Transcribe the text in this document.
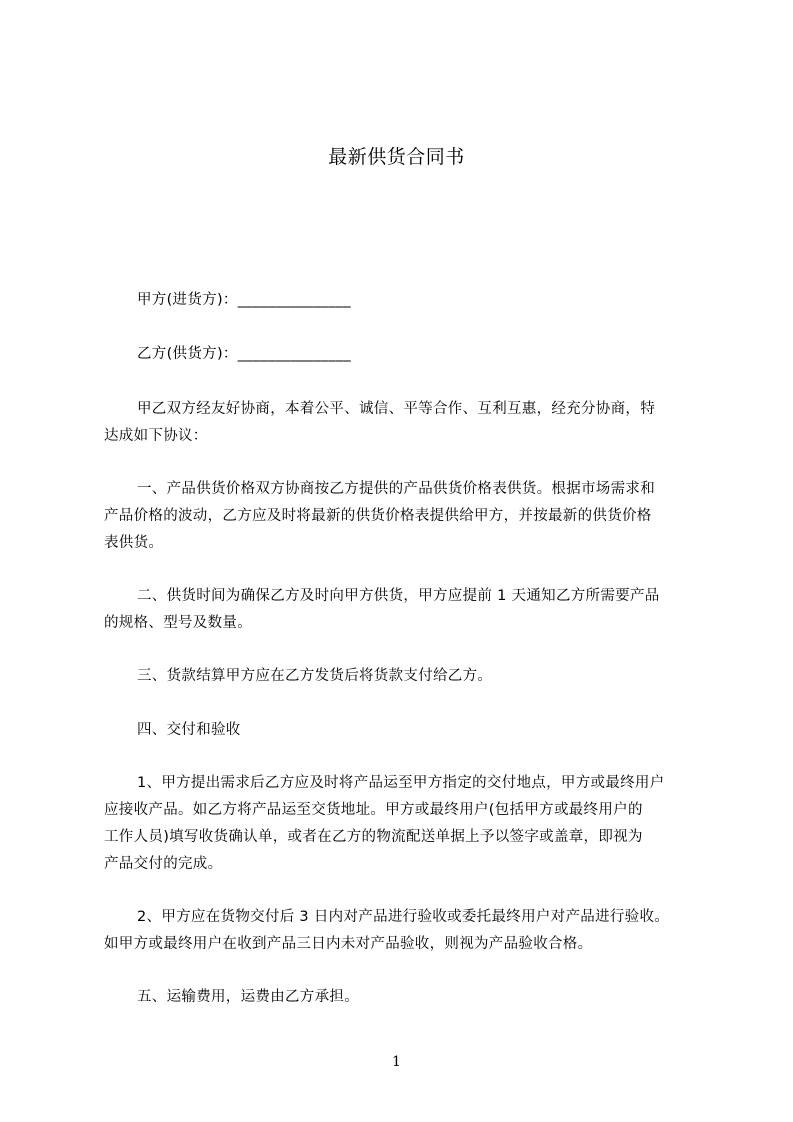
最新供货合同书
甲方(进货方)：_______________
乙方(供货方)：_______________
甲乙双方经友好协商，本着公平、诚信、平等合作、互利互惠，经充分协商，特
达成如下协议：
一、产品供货价格双方协商按乙方提供的产品供货价格表供货。根据市场需求和
产品价格的波动，乙方应及时将最新的供货价格表提供给甲方，并按最新的供货价格
表供货。
二、供货时间为确保乙方及时向甲方供货，甲方应提前 1 天通知乙方所需要产品
的规格、型号及数量。
三、货款结算甲方应在乙方发货后将货款支付给乙方。
四、交付和验收
1、甲方提出需求后乙方应及时将产品运至甲方指定的交付地点，甲方或最终用户
应接收产品。如乙方将产品运至交货地址。甲方或最终用户(包括甲方或最终用户的
工作人员)填写收货确认单，或者在乙方的物流配送单据上予以签字或盖章，即视为
产品交付的完成。
2、甲方应在货物交付后 3 日内对产品进行验收或委托最终用户对产品进行验收。
如甲方或最终用户在收到产品三日内未对产品验收，则视为产品验收合格。
五、运输费用，运费由乙方承担。
1
